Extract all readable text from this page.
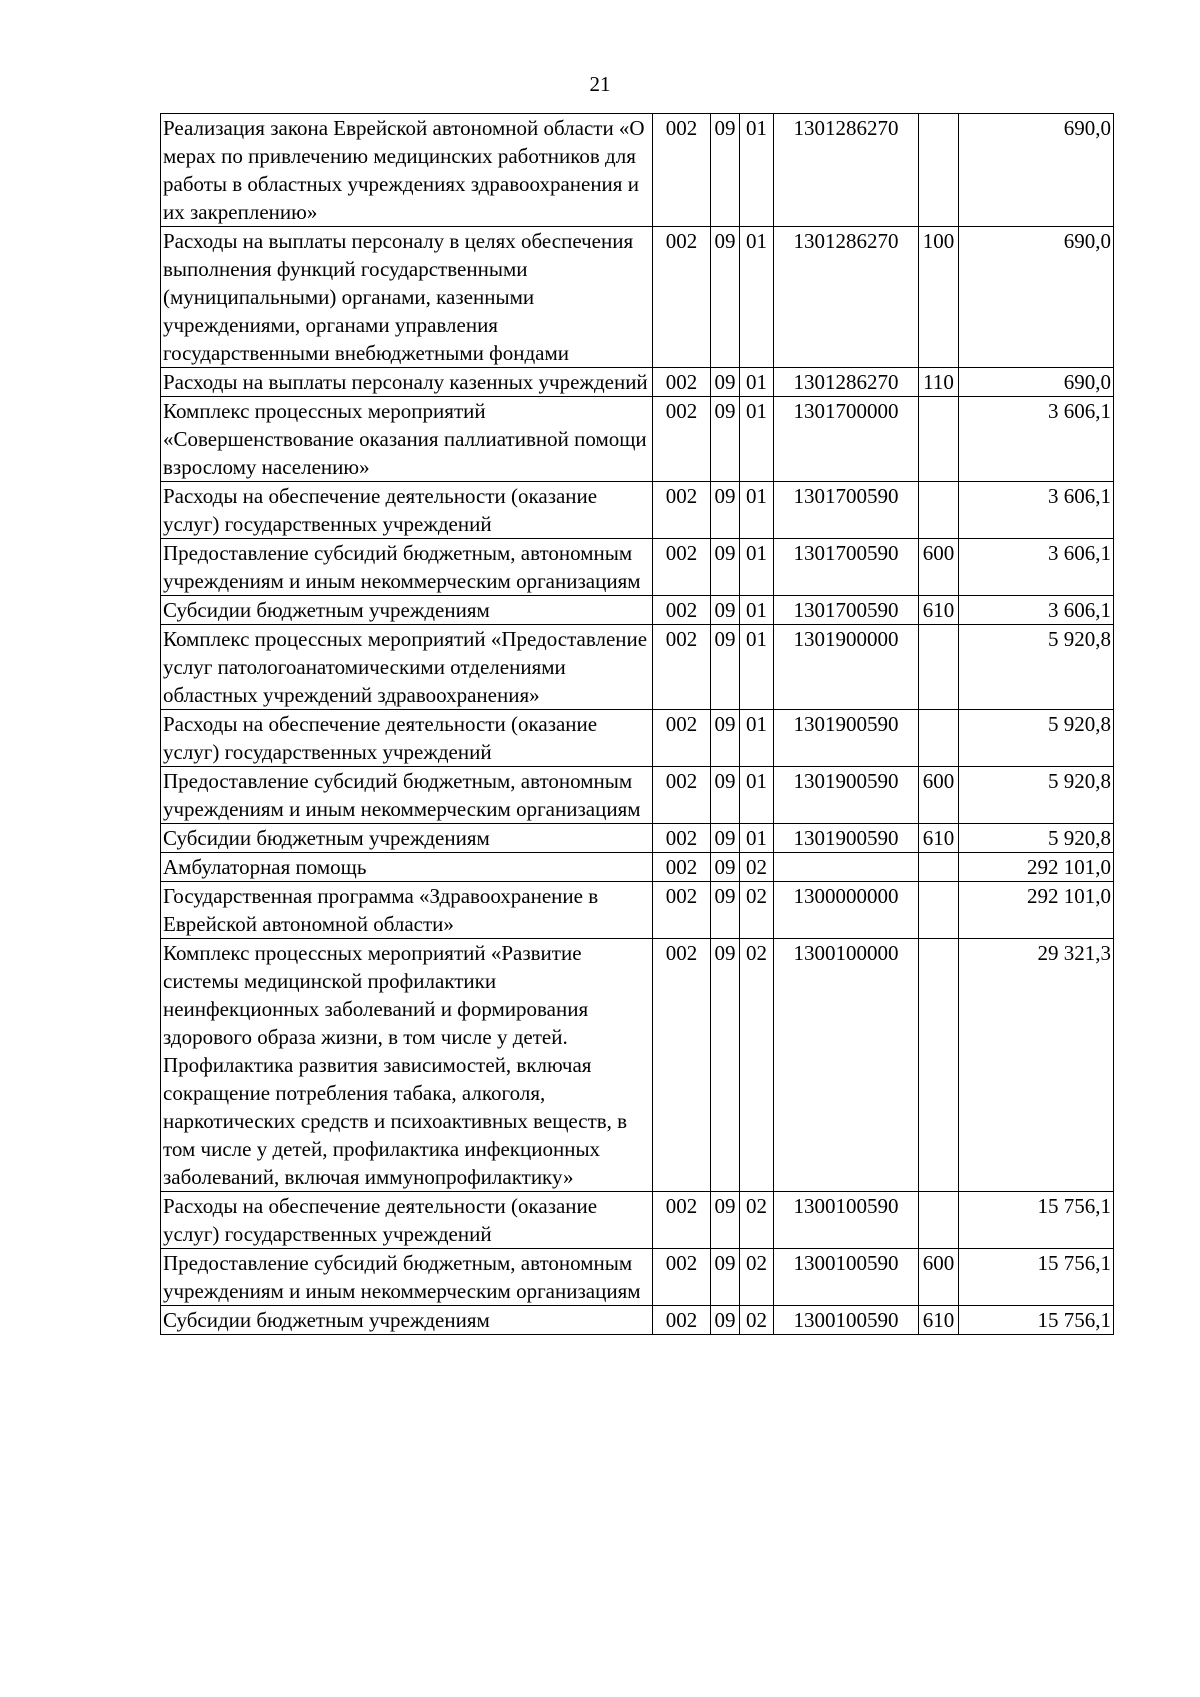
21
Реализация закона Еврейской автономной области «О мерах по привлечению медицинских работников для работы в областных учреждениях здравоохранения и их закреплению»	002	09	01	1301286270		690,0
Расходы на выплаты персоналу в целях обеспечения выполнения функций государственными (муниципальными) органами, казенными учреждениями, органами управления государственными внебюджетными фондами	002	09	01	1301286270	100	690,0
Расходы на выплаты персоналу казенных учреждений	002	09	01	1301286270	110	690,0
Комплекс процессных мероприятий «Совершенствование оказания паллиативной помощи взрослому населению»	002	09	01	1301700000		3 606,1
Расходы на обеспечение деятельности (оказание услуг) государственных учреждений	002	09	01	1301700590		3 606,1
Предоставление субсидий бюджетным, автономным учреждениям и иным некоммерческим организациям	002	09	01	1301700590	600	3 606,1
Субсидии бюджетным учреждениям	002	09	01	1301700590	610	3 606,1
Комплекс процессных мероприятий «Предоставление услуг патологоанатомическими отделениями областных учреждений здравоохранения»	002	09	01	1301900000		5 920,8
Расходы на обеспечение деятельности (оказание услуг) государственных учреждений	002	09	01	1301900590		5 920,8
Предоставление субсидий бюджетным, автономным учреждениям и иным некоммерческим организациям	002	09	01	1301900590	600	5 920,8
Субсидии бюджетным учреждениям	002	09	01	1301900590	610	5 920,8
Амбулаторная помощь	002	09	02			292 101,0
Государственная программа «Здравоохранение в Еврейской автономной области»	002	09	02	1300000000		292 101,0
Комплекс процессных мероприятий «Развитие системы медицинской профилактики неинфекционных заболеваний и формирования здорового образа жизни, в том числе у детей. Профилактика развития зависимостей, включая сокращение потребления табака, алкоголя, наркотических средств и психоактивных веществ, в том числе у детей, профилактика инфекционных заболеваний, включая иммунопрофилактику»	002	09	02	1300100000		29 321,3
Расходы на обеспечение деятельности (оказание услуг) государственных учреждений	002	09	02	1300100590		15 756,1
Предоставление субсидий бюджетным, автономным учреждениям и иным некоммерческим организациям	002	09	02	1300100590	600	15 756,1
Субсидии бюджетным учреждениям	002	09	02	1300100590	610	15 756,1
